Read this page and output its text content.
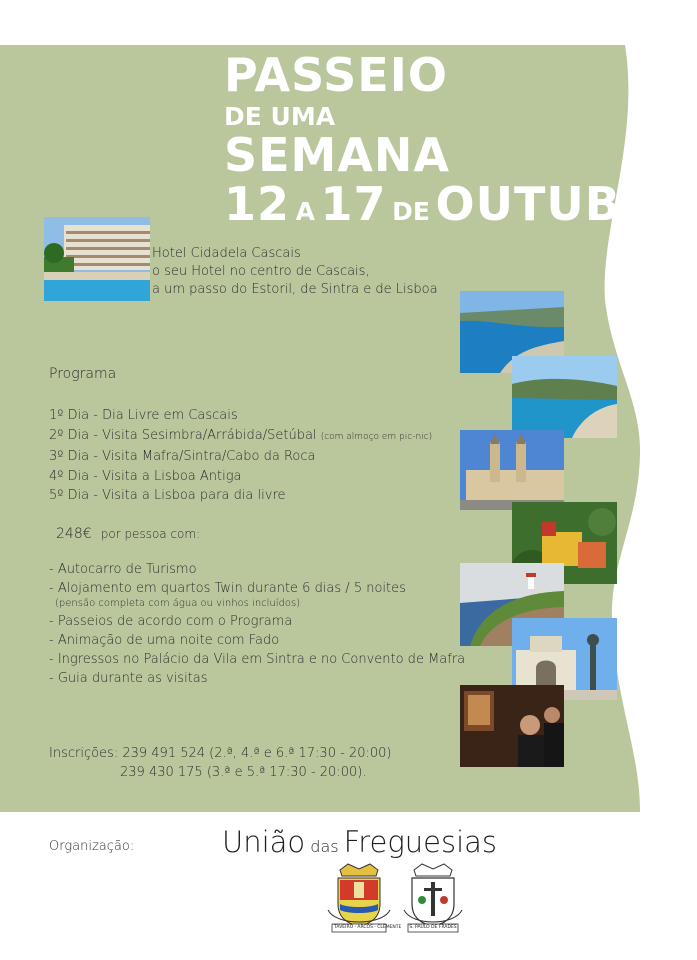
PASSEIO
DE UMA
SEMANA
12 A 17 DE OUTUBRO
Hotel Cidadela Cascais
o seu Hotel no centro de Cascais,
a um passo do Estoril, de Sintra e de Lisboa
Programa
1º Dia - Dia Livre em Cascais
2º Dia - Visita Sesimbra/Arrábida/Setúbal (com almoço em pic-nic)
3º Dia - Visita Mafra/Sintra/Cabo da Roca
4º Dia - Visita a Lisboa Antiga
5º Dia - Visita a Lisboa para dia livre
248€ por pessoa com:
- Autocarro de Turismo
- Alojamento em quartos Twin durante 6 dias / 5 noites
(pensão completa com água ou vinhos incluídos)
- Passeios de acordo com o Programa
- Animação de uma noite com Fado
- Ingressos no Palácio da Vila em Sintra e no Convento de Mafra
- Guia durante as visitas
Inscrições: 239 491 524 (2.ª, 4.ª e 6.ª 17:30 - 20:00)
239 430 175 (3.ª e 5.ª 17:30 - 20:00).
Organização:	União das Freguesias
TAVEIRO · ARCOS · CLEMENTE S. PAULO DE FRADES
